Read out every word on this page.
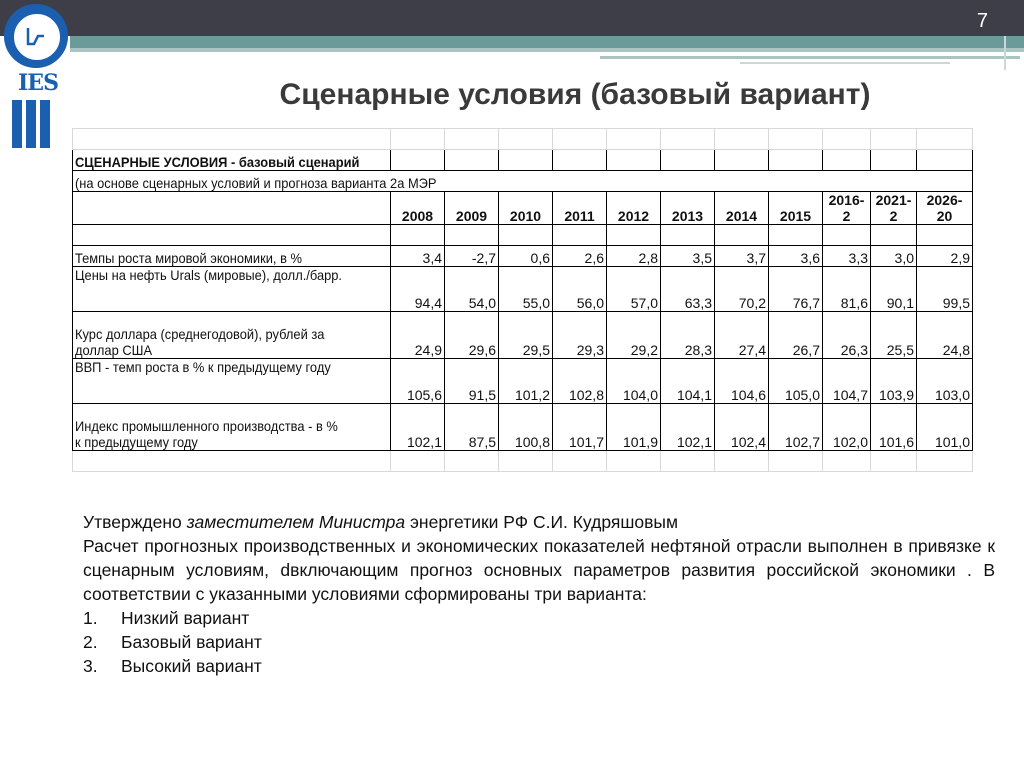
7
IES	Сценарные условия (базовый вариант)

СЦЕНАРНЫЕ УСЛОВИЯ - базовый сценарий											
(на основе сценарных условий и прогноза варианта 2а МЭР											
	2008	2009	2010	2011	2012	2013	2014	2015	2016-2	2021-2	2026-20

Темпы роста мировой экономики, в %	3,4	-2,7	0,6	2,6	2,8	3,5	3,7	3,6	3,3	3,0	2,9
Цены на нефть Urals (мировые), долл./барр.	94,4	54,0	55,0	56,0	57,0	63,3	70,2	76,7	81,6	90,1	99,5
Курс доллара (среднегодовой), рублей за
доллар США	24,9	29,6	29,5	29,3	29,2	28,3	27,4	26,7	26,3	25,5	24,8
ВВП - темп роста в % к предыдущему году	105,6	91,5	101,2	102,8	104,0	104,1	104,6	105,0	104,7	103,9	103,0
Индекс промышленного производства - в %
к предыдущему году	102,1	87,5	100,8	101,7	101,9	102,1	102,4	102,7	102,0	101,6	101,0

Утверждено заместителем Министра энергетики РФ С.И. Кудряшовым

Расчет прогнозных производственных и экономических показателей нефтяной отрасли выполнен в привязке к сценарным условиям, dвключающим прогноз основных параметров развития российской экономики . В соответствии с указанными условиями сформированы три варианта:

1.	Низкий вариант
2.	Базовый вариант
3.	Высокий вариант
